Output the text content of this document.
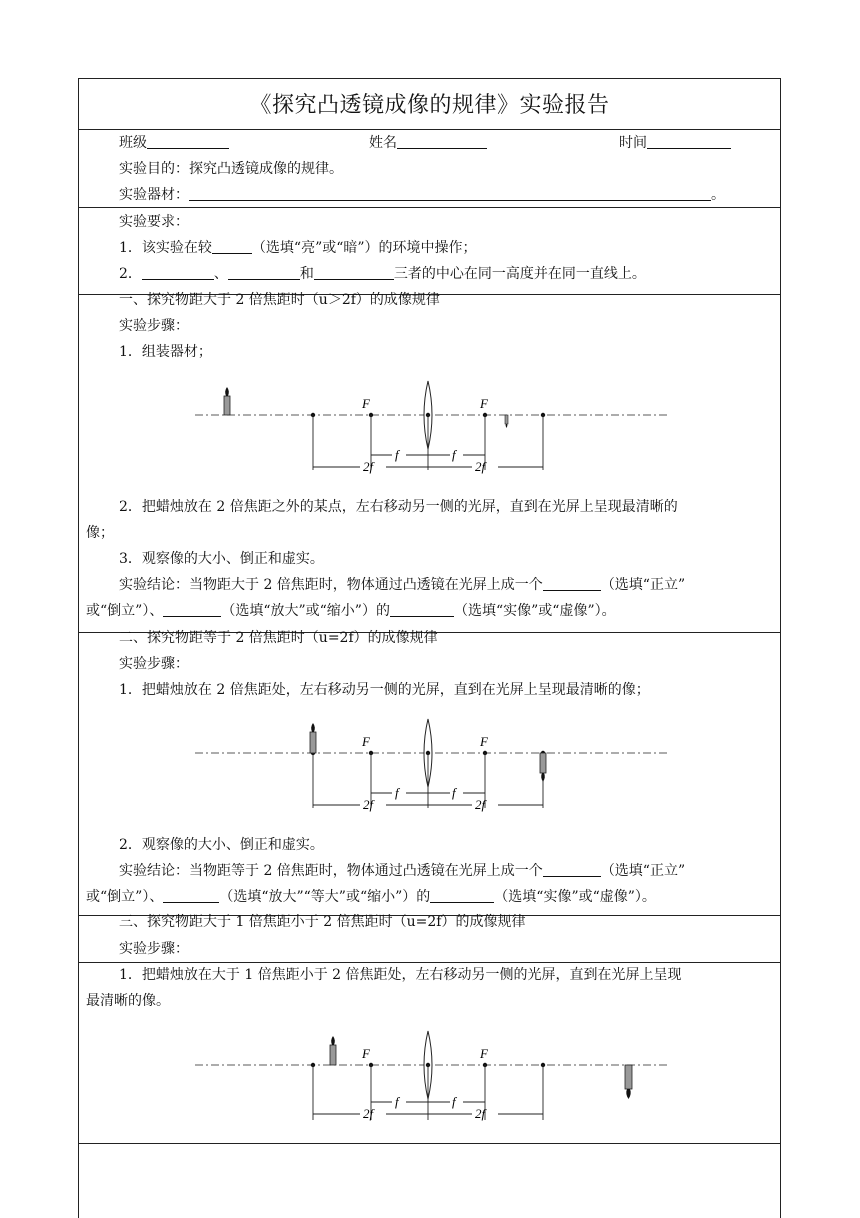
《探究凸透镜成像的规律》实验报告
班级	姓名	时间
实验目的：探究凸透镜成像的规律。
实验器材：	。
实验要求：
1．该实验在较	（选填“亮”或“暗”）的环境中操作；
2．	、	和	三者的中心在同一高度并在同一直线上。
一、探究物距大于 2 倍焦距时（u＞2f）的成像规律
实验步骤：
1．组装器材；
F	F
f	f
2f	2f
2．把蜡烛放在 2 倍焦距之外的某点，左右移动另一侧的光屏，直到在光屏上呈现最清晰的
像；
3．观察像的大小、倒正和虚实。
实验结论：当物距大于 2 倍焦距时，物体通过凸透镜在光屏上成一个	（选填“正立”
或“倒立”）、	（选填“放大”或“缩小”）的	（选填“实像”或“虚像”）。
二、探究物距等于 2 倍焦距时（u=2f）的成像规律
实验步骤：
1．把蜡烛放在 2 倍焦距处，左右移动另一侧的光屏，直到在光屏上呈现最清晰的像；
F	F
f	f
2f	2f
2．观察像的大小、倒正和虚实。
实验结论：当物距等于 2 倍焦距时，物体通过凸透镜在光屏上成一个	（选填“正立”
或“倒立”）、	（选填“放大”“等大”或“缩小”）的	（选填“实像”或“虚像”）。
三、探究物距大于 1 倍焦距小于 2 倍焦距时（u=2f）的成像规律
实验步骤：
1．把蜡烛放在大于 1 倍焦距小于 2 倍焦距处，左右移动另一侧的光屏，直到在光屏上呈现
最清晰的像。
F	F
f	f
2f	2f
